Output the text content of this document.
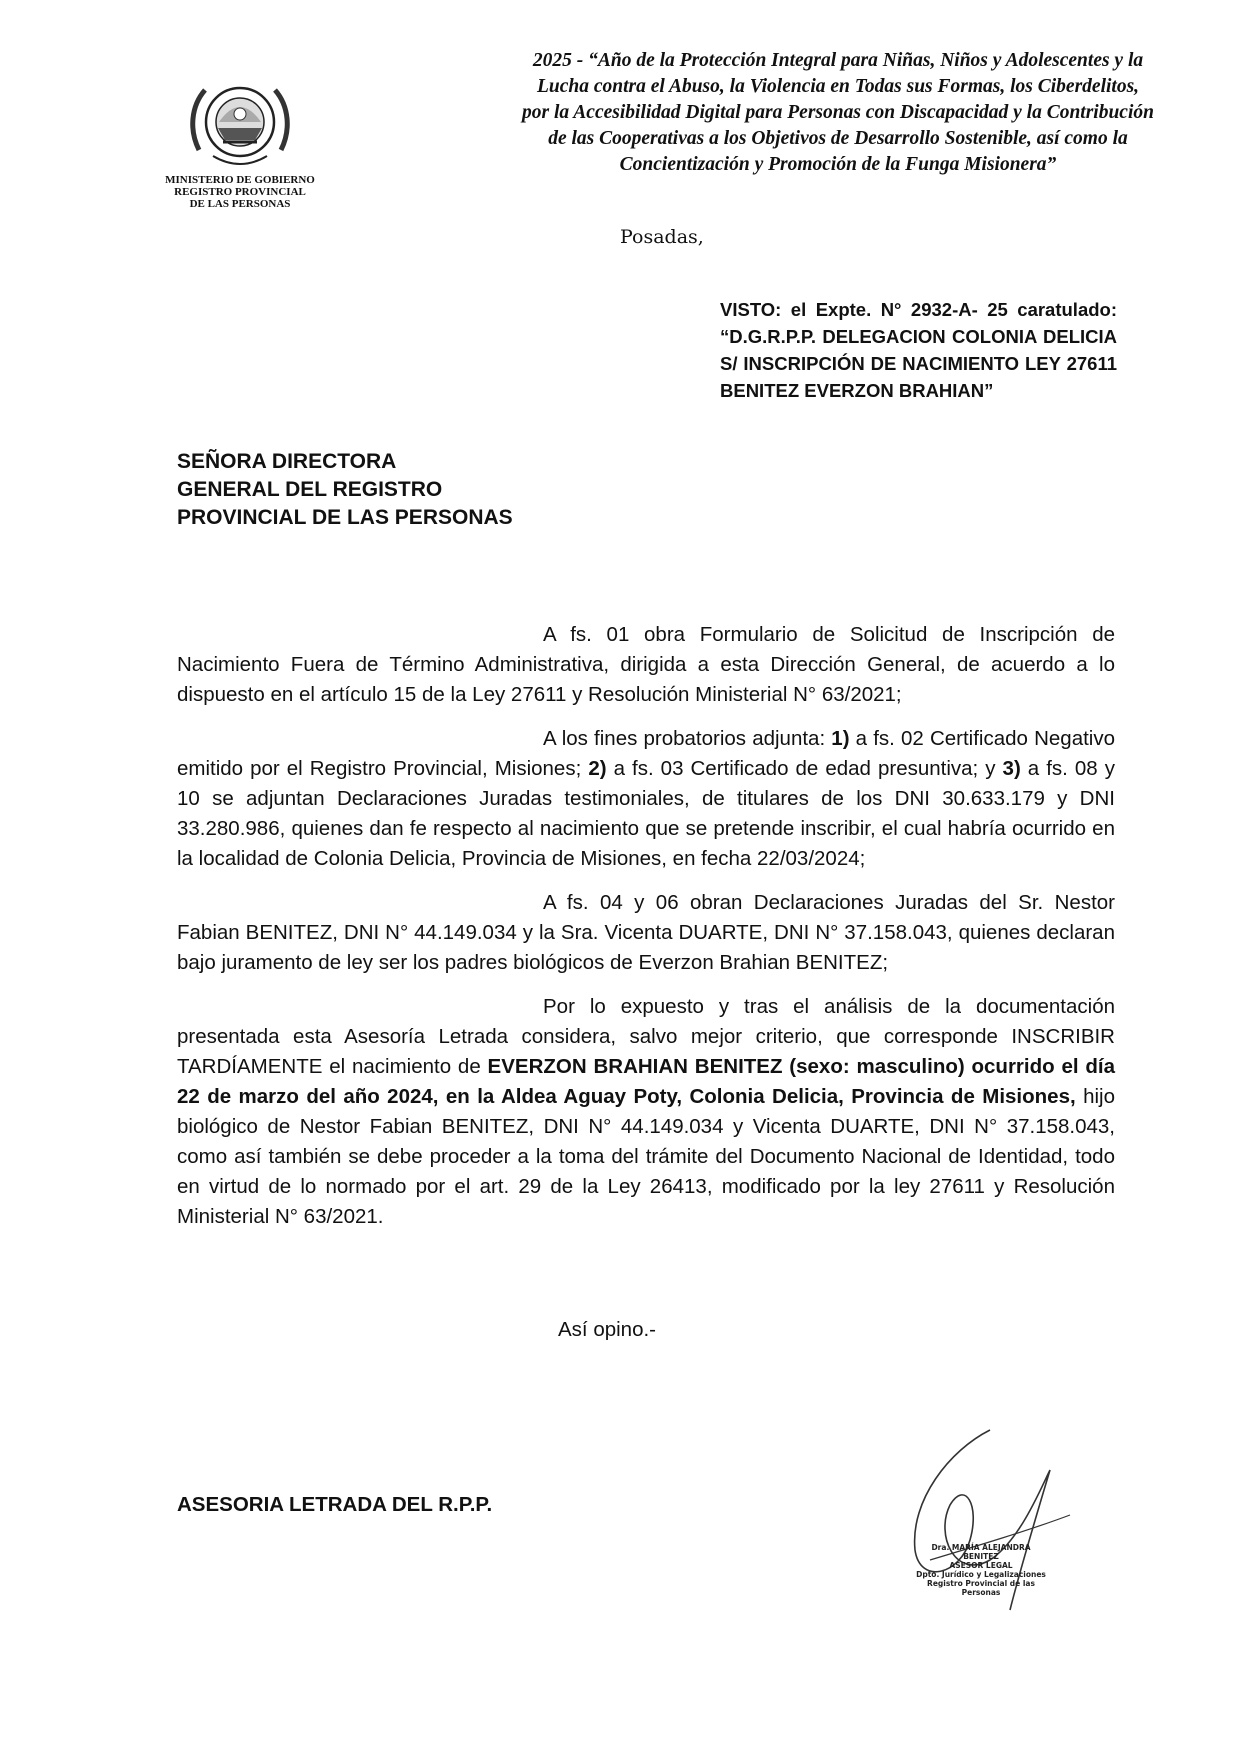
MINISTERIO DE GOBIERNO
REGISTRO PROVINCIAL
DE LAS PERSONAS
2025 - “Año de la Protección Integral para Niñas, Niños y Adolescentes y la
Lucha contra el Abuso, la Violencia en Todas sus Formas, los Ciberdelitos,
por la Accesibilidad Digital para Personas con Discapacidad y la Contribución
de las Cooperativas a los Objetivos de Desarrollo Sostenible, así como la
Concientización y Promoción de la Funga Misionera”
Posadas,
VISTO: el Expte. N° 2932-A- 25 caratulado: “D.G.R.P.P. DELEGACION COLONIA DELICIA S/ INSCRIPCIÓN DE NACIMIENTO LEY 27611 BENITEZ EVERZON BRAHIAN”
SEÑORA DIRECTORA
GENERAL DEL REGISTRO
PROVINCIAL DE LAS PERSONAS

A fs. 01 obra Formulario de Solicitud de Inscripción de Nacimiento Fuera de Término Administrativa, dirigida a esta Dirección General, de acuerdo a lo dispuesto en el artículo 15 de la Ley 27611 y Resolución Ministerial N° 63/2021;

A los fines probatorios adjunta: 1) a fs. 02 Certificado Negativo emitido por el Registro Provincial, Misiones; 2) a fs. 03 Certificado de edad presuntiva; y 3) a fs. 08 y 10 se adjuntan Declaraciones Juradas testimoniales, de titulares de los DNI 30.633.179 y DNI 33.280.986, quienes dan fe respecto al nacimiento que se pretende inscribir, el cual habría ocurrido en la localidad de Colonia Delicia, Provincia de Misiones, en fecha 22/03/2024;

A fs. 04 y 06 obran Declaraciones Juradas del Sr. Nestor Fabian BENITEZ, DNI N° 44.149.034 y la Sra. Vicenta DUARTE, DNI N° 37.158.043, quienes declaran bajo juramento de ley ser los padres biológicos de Everzon Brahian BENITEZ;

Por lo expuesto y tras el análisis de la documentación presentada esta Asesoría Letrada considera, salvo mejor criterio, que corresponde INSCRIBIR TARDÍAMENTE el nacimiento de EVERZON BRAHIAN BENITEZ (sexo: masculino) ocurrido el día 22 de marzo del año 2024, en la Aldea Aguay Poty, Colonia Delicia, Provincia de Misiones, hijo biológico de Nestor Fabian BENITEZ, DNI N° 44.149.034 y Vicenta DUARTE, DNI N° 37.158.043, como así también se debe proceder a la toma del trámite del Documento Nacional de Identidad, todo en virtud de lo normado por el art. 29 de la Ley 26413, modificado por la ley 27611 y Resolución Ministerial N° 63/2021.

Así opino.-
ASESORIA LETRADA DEL R.P.P.
Dra. MARÍA ALEJANDRA BENITEZ
ASESOR LEGAL
Dpto. Jurídico y Legalizaciones
Registro Provincial de las Personas
